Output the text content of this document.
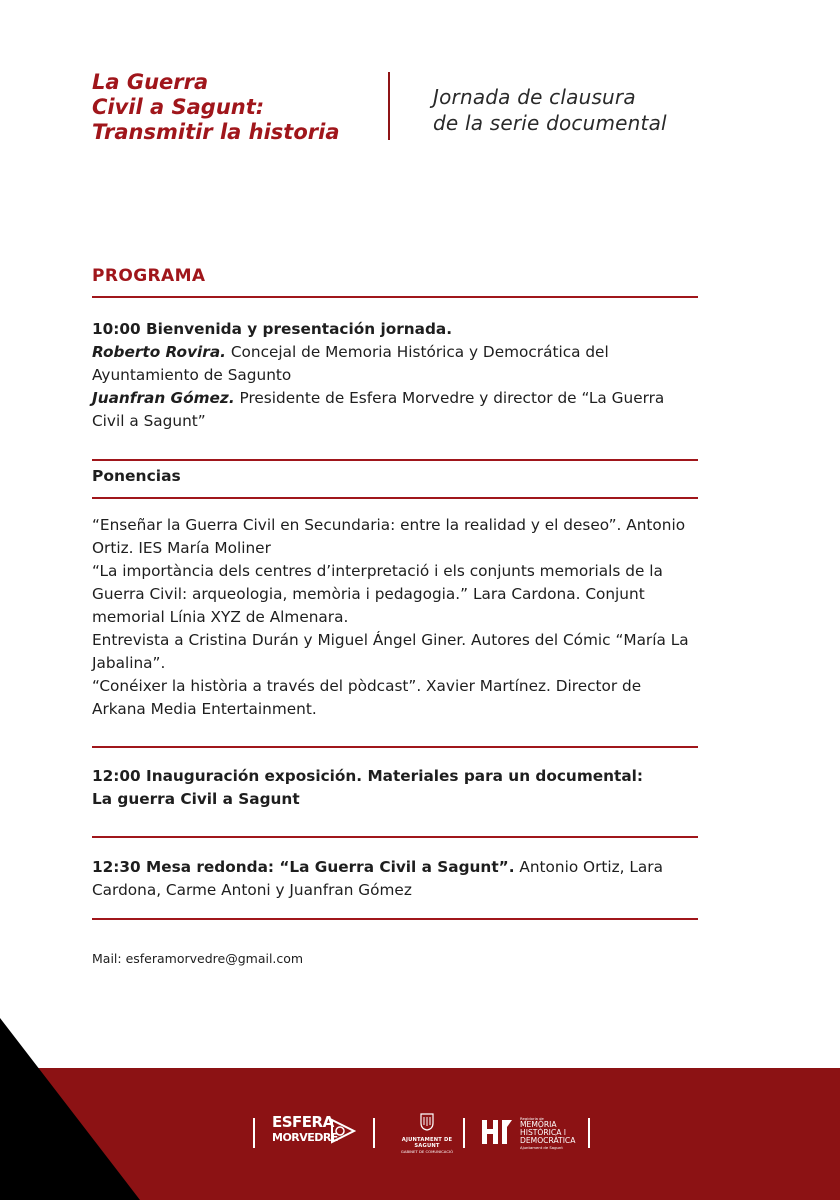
La Guerra
Civil a Sagunt:
Transmitir la historia
Jornada de clausura
de la serie documental
PROGRAMA
10:00 Bienvenida y presentación jornada.
Roberto Rovira. Concejal de Memoria Histórica y Democrática del Ayuntamiento de Sagunto
Juanfran Gómez. Presidente de Esfera Morvedre y director de “La Guerra Civil a Sagunt”
Ponencias
“Enseñar la Guerra Civil en Secundaria: entre la realidad y el deseo”. Antonio Ortiz. IES María Moliner
“La importància dels centres d’interpretació i els conjunts memorials de la Guerra Civil: arqueologia, memòria i pedagogia.” Lara Cardona. Conjunt memorial Línia XYZ de Almenara.
Entrevista a Cristina Durán y Miguel Ángel Giner. Autores del Cómic “María La Jabalina”.
“Conéixer la història a través del pòdcast”. Xavier Martínez. Director de Arkana Media Entertainment.
12:00 Inauguración exposición. Materiales para un documental:
La guerra Civil a Sagunt
12:30 Mesa redonda: “La Guerra Civil a Sagunt”. Antonio Ortiz, Lara Cardona, Carme Antoni y Juanfran Gómez
Mail: esferamorvedre@gmail.com
ESFERA
MORVEDRE	AJUNTAMENT DE SAGUNT
GABINET DE COMUNICACIÓ
Regidoria de
MEMÒRIA
HISTÒRICA I
DEMOCRÀTICA
Ajuntament de Sagunt
